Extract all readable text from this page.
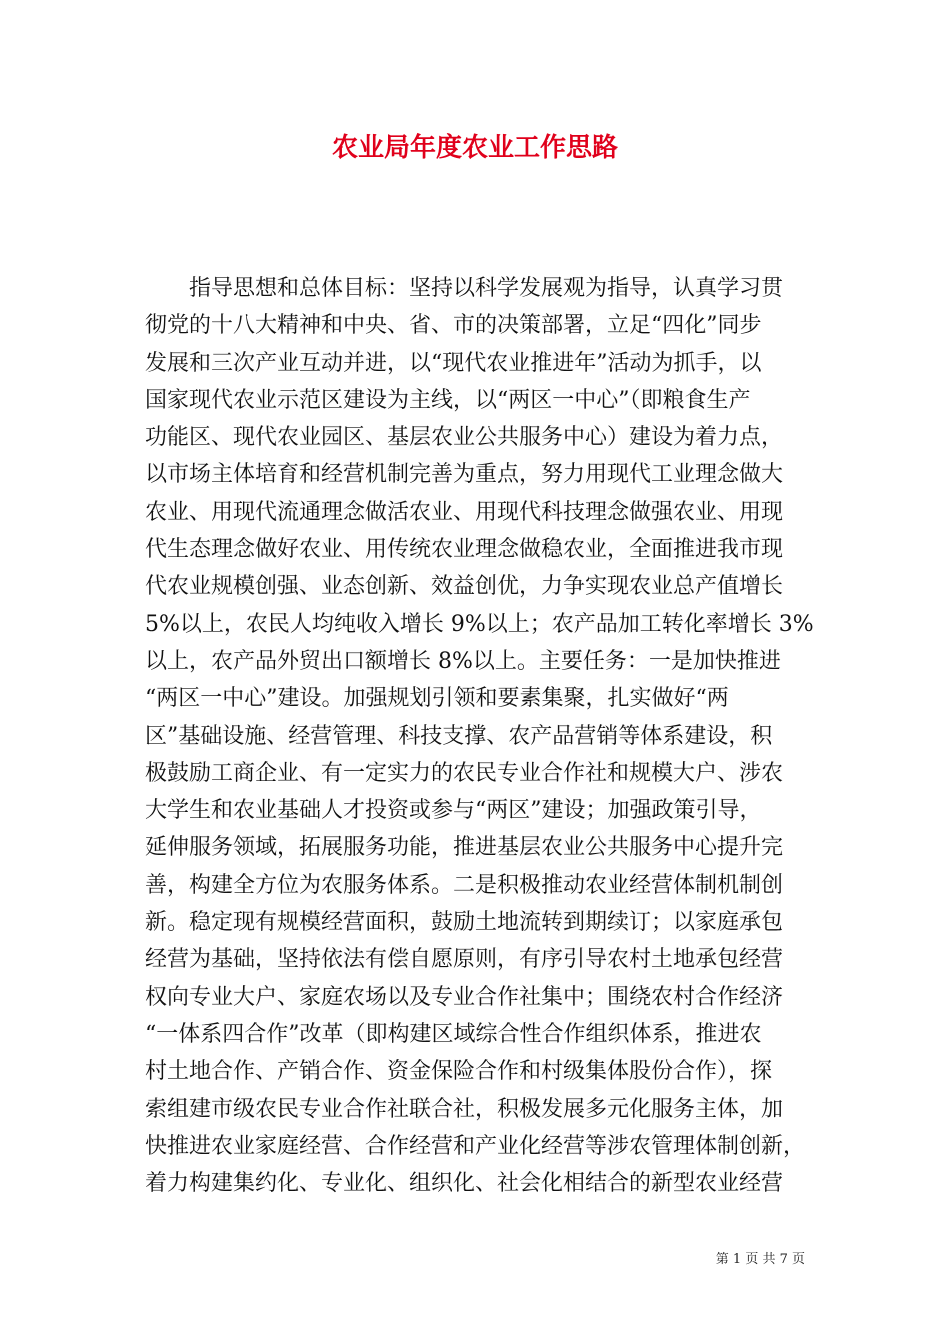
农业局年度农业工作思路
指导思想和总体目标：坚持以科学发展观为指导，认真学习贯
彻党的十八大精神和中央、省、市的决策部署，立足“四化”同步
发展和三次产业互动并进，以“现代农业推进年”活动为抓手，以
国家现代农业示范区建设为主线，以“两区一中心”（即粮食生产
功能区、现代农业园区、基层农业公共服务中心）建设为着力点，
以市场主体培育和经营机制完善为重点，努力用现代工业理念做大
农业、用现代流通理念做活农业、用现代科技理念做强农业、用现
代生态理念做好农业、用传统农业理念做稳农业，全面推进我市现
代农业规模创强、业态创新、效益创优，力争实现农业总产值增长
5%以上，农民人均纯收入增长 9%以上；农产品加工转化率增长 3%
以上，农产品外贸出口额增长 8%以上。主要任务：一是加快推进
“两区一中心”建设。加强规划引领和要素集聚，扎实做好“两
区”基础设施、经营管理、科技支撑、农产品营销等体系建设，积
极鼓励工商企业、有一定实力的农民专业合作社和规模大户、涉农
大学生和农业基础人才投资或参与“两区”建设；加强政策引导，
延伸服务领域，拓展服务功能，推进基层农业公共服务中心提升完
善，构建全方位为农服务体系。二是积极推动农业经营体制机制创
新。稳定现有规模经营面积，鼓励土地流转到期续订；以家庭承包
经营为基础，坚持依法有偿自愿原则，有序引导农村土地承包经营
权向专业大户、家庭农场以及专业合作社集中；围绕农村合作经济
“一体系四合作”改革（即构建区域综合性合作组织体系，推进农
村土地合作、产销合作、资金保险合作和村级集体股份合作），探
索组建市级农民专业合作社联合社，积极发展多元化服务主体，加
快推进农业家庭经营、合作经营和产业化经营等涉农管理体制创新，
着力构建集约化、专业化、组织化、社会化相结合的新型农业经营
第 1 页 共 7 页
